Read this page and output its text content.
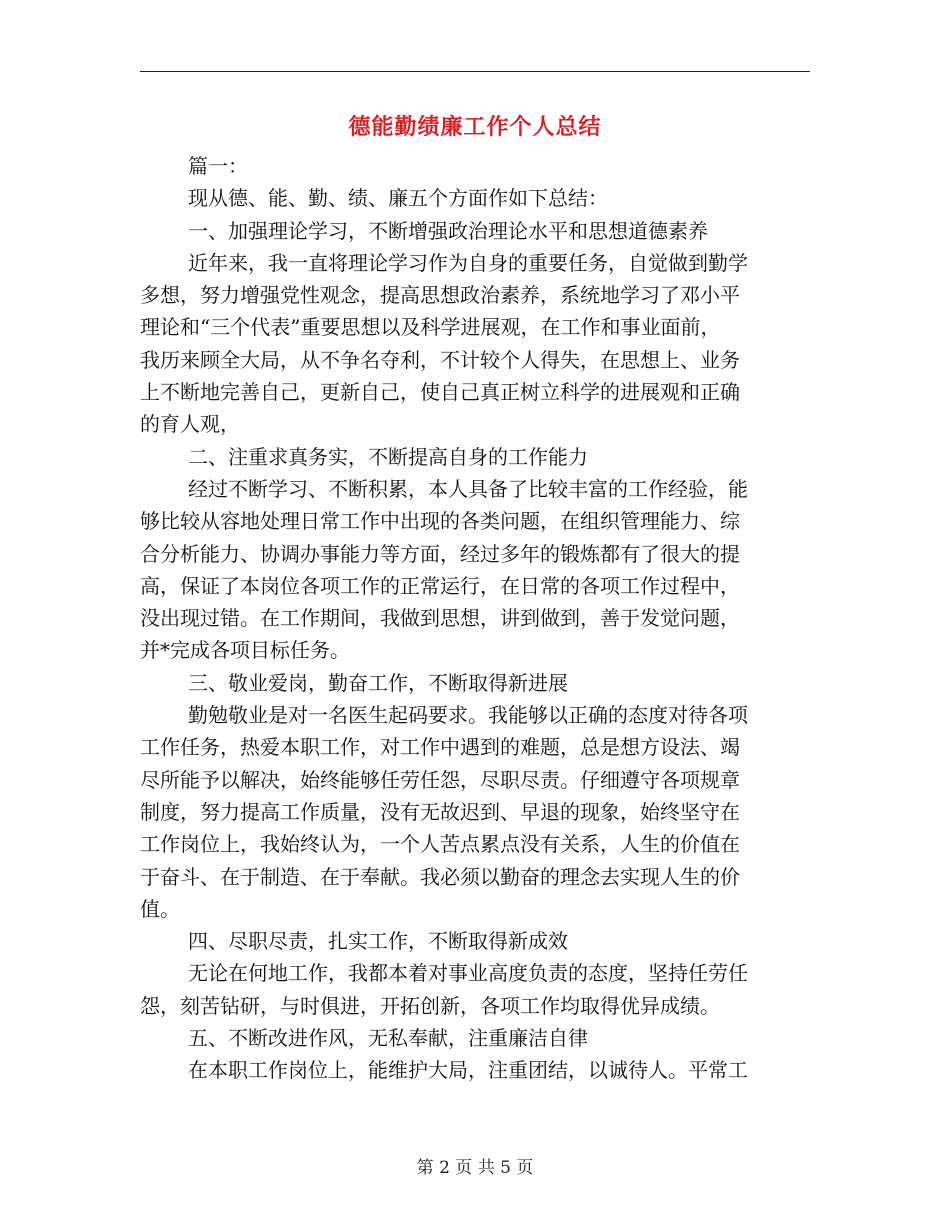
德能勤绩廉工作个人总结
篇一：
现从德、能、勤、绩、廉五个方面作如下总结：
一、加强理论学习，不断增强政治理论水平和思想道德素养
近年来，我一直将理论学习作为自身的重要任务，自觉做到勤学
多想，努力增强党性观念，提高思想政治素养，系统地学习了邓小平
理论和“三个代表”重要思想以及科学进展观，在工作和事业面前，
我历来顾全大局，从不争名夺利，不计较个人得失，在思想上、业务
上不断地完善自己，更新自己，使自己真正树立科学的进展观和正确
的育人观，
二、注重求真务实，不断提高自身的工作能力
经过不断学习、不断积累，本人具备了比较丰富的工作经验，能
够比较从容地处理日常工作中出现的各类问题，在组织管理能力、综
合分析能力、协调办事能力等方面，经过多年的锻炼都有了很大的提
高，保证了本岗位各项工作的正常运行，在日常的各项工作过程中，
没出现过错。在工作期间，我做到思想，讲到做到，善于发觉问题，
并*完成各项目标任务。
三、敬业爱岗，勤奋工作，不断取得新进展
勤勉敬业是对一名医生起码要求。我能够以正确的态度对待各项
工作任务，热爱本职工作，对工作中遇到的难题，总是想方设法、竭
尽所能予以解决，始终能够任劳任怨，尽职尽责。仔细遵守各项规章
制度，努力提高工作质量，没有无故迟到、早退的现象，始终坚守在
工作岗位上，我始终认为，一个人苦点累点没有关系，人生的价值在
于奋斗、在于制造、在于奉献。我必须以勤奋的理念去实现人生的价
值。
四、尽职尽责，扎实工作，不断取得新成效
无论在何地工作，我都本着对事业高度负责的态度，坚持任劳任
怨，刻苦钻研，与时俱进，开拓创新，各项工作均取得优异成绩。
五、不断改进作风，无私奉献，注重廉洁自律
在本职工作岗位上，能维护大局，注重团结，以诚待人。平常工
第 2 页 共 5 页
